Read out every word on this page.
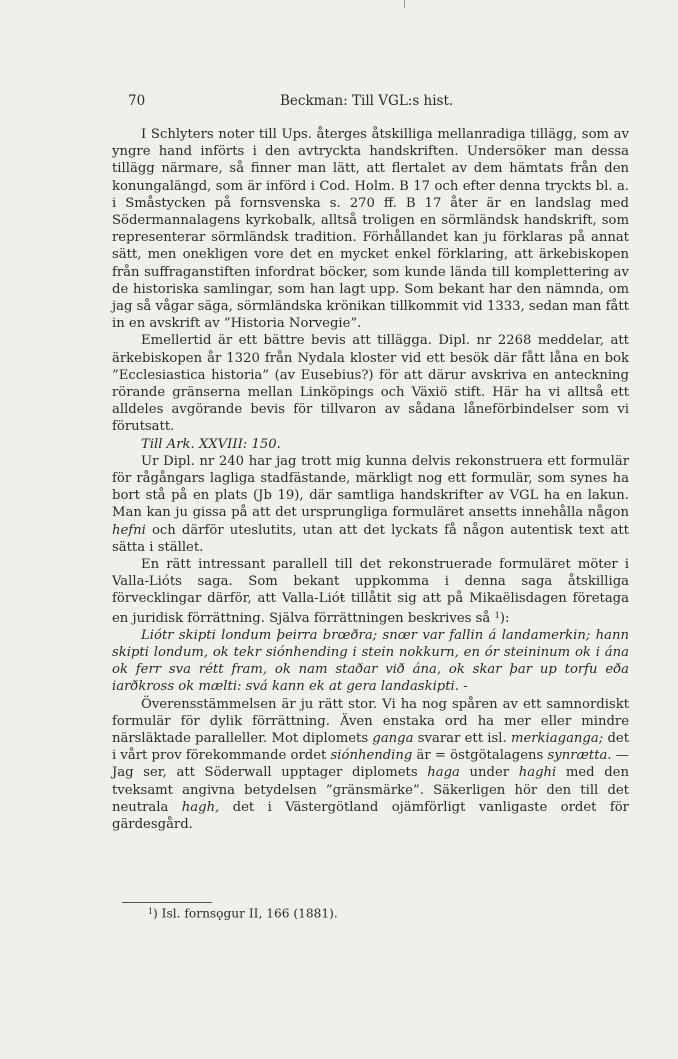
70	Beckman: Till VGL:s hist.

I Schlyters noter till Ups. återges åtskilliga mellanradiga tillägg, som av yngre hand införts i den avtryckta handskriften. Undersöker man dessa tillägg närmare, så finner man lätt, att flertalet av dem hämtats från den konungalängd, som är införd i Cod. Holm. B 17 och efter denna tryckts bl. a. i Småstycken på fornsvenska s. 270 ff. B 17 åter är en landslag med Södermannalagens kyrkobalk, alltså troligen en sörmländsk handskrift, som representerar sörmländsk tradition. Förhållandet kan ju förklaras på annat sätt, men onekligen vore det en mycket enkel förklaring, att ärkebiskopen från suffraganstiften infordrat böcker, som kunde lända till komplettering av de historiska samlingar, som han lagt upp. Som bekant har den nämnda, om jag så vågar säga, sörmländska krönikan tillkommit vid 1333, sedan man fått in en avskrift av ”Historia Norvegie”.

Emellertid är ett bättre bevis att tillägga. Dipl. nr 2268 meddelar, att ärkebiskopen år 1320 från Nydala kloster vid ett besök där fått låna en bok ”Ecclesiastica historia” (av Eusebius?) för att därur avskriva en anteckning rörande gränserna mellan Linköpings och Växiö stift. Här ha vi alltså ett alldeles avgörande bevis för tillvaron av sådana låneförbindelser som vi förutsatt.

Till Ark. XXVIII: 150.

Ur Dipl. nr 240 har jag trott mig kunna delvis rekonstruera ett formulär för rågångars lagliga stadfästande, märkligt nog ett formulär, som synes ha bort stå på en plats (Jb 19), där samtliga handskrifter av VGL ha en lakun. Man kan ju gissa på att det ursprungliga formuläret ansetts innehålla någon hefni och därför uteslutits, utan att det lyckats få någon autentisk text att sätta i stället.

En rätt intressant parallell till det rekonstruerade formuläret möter i Valla-Lióts saga. Som bekant uppkomma i denna saga åtskilliga förvecklingar därför, att Valla-Lióŧ tillåtit sig att på Mikaëlisdagen företaga en juridisk förrättning. Själva förrättningen beskrives så $^1$):

Liótr skipti londum þeirra brœðra; snœr var fallin á landamerkin; hann skipti londum, ok tekr siónhending i stein nokkurn, en ór steininum ok i ána ok ferr sva rétt fram, ok nam staðar við ána, ok skar þar up torfu eða iarðkross ok mælti: svá kann ek at gera landaskipti. -

Överensstämmelsen är ju rätt stor. Vi ha nog spåren av ett samnordiskt formulär för dylik förrättning. Även enstaka ord ha mer eller mindre närsläktade paralleller. Mot diplomets ganga svarar ett isl. merkiaganga; det i vårt prov förekommande ordet siónhending är = östgötalagens synrætta. — Jag ser, att Söderwall upptager diplomets haga under haghi med den tveksamt angivna betydelsen ”gränsmärke”. Säkerligen hör den till det neutrala hagh, det i Västergötland ojämförligt vanligaste ordet för gärdesgård.

$^1$) Isl. fornsǫgur II, 166 (1881).
